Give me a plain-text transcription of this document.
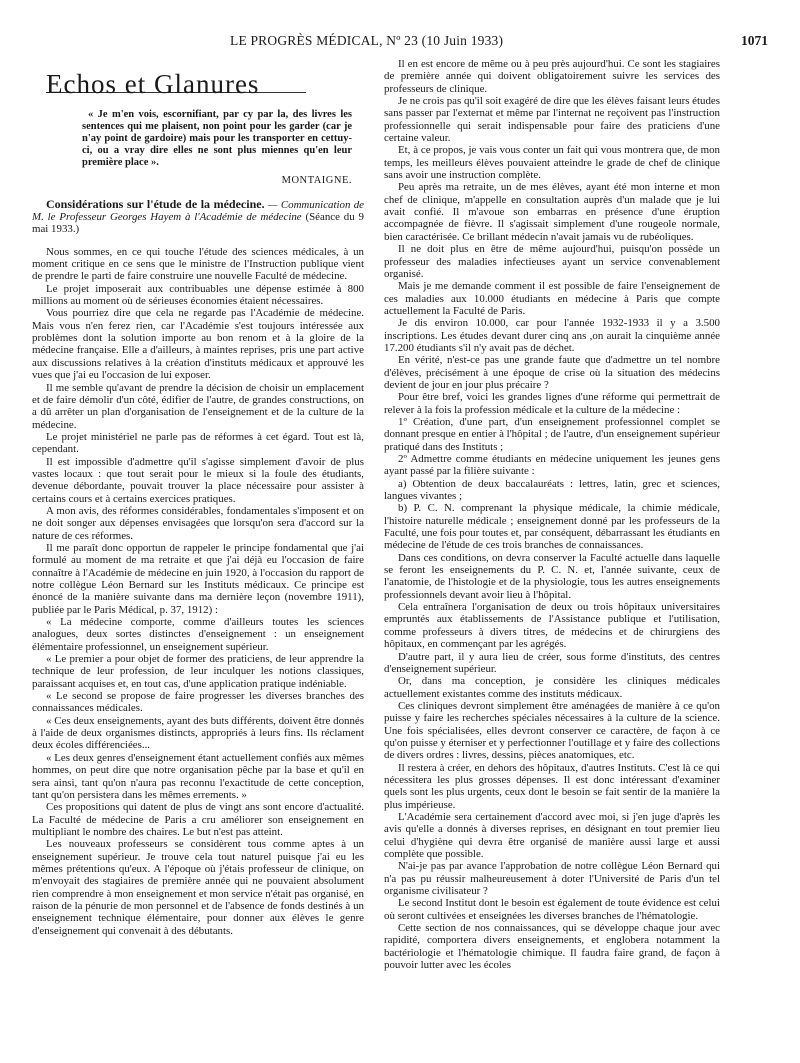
LE PROGRÈS MÉDICAL, Nº 23 (10 Juin 1933)	1071
Echos et Glanures

« Je m'en vois, escornifiant, par cy par la, des livres les sentences qui me plaisent, non point pour les garder (car je n'ay point de gardoire) mais pour les transporter en cettuy-ci, ou a vray dire elles ne sont plus miennes qu'en leur première place ».

MONTAIGNE.

Considérations sur l'étude de la médecine. — Communication de M. le Professeur Georges Hayem à l'Académie de médecine (Séance du 9 mai 1933.)

Nous sommes, en ce qui touche l'étude des sciences médicales, à un moment critique en ce sens que le ministre de l'Instruction publique vient de prendre le parti de faire construire une nouvelle Faculté de médecine.

Le projet imposerait aux contribuables une dépense estimée à 800 millions au moment où de sérieuses économies étaient nécessaires.

Vous pourriez dire que cela ne regarde pas l'Académie de médecine. Mais vous n'en ferez rien, car l'Académie s'est toujours intéressée aux problèmes dont la solution importe au bon renom et à la gloire de la médecine française. Elle a d'ailleurs, à maintes reprises, pris une part active aux discussions relatives à la création d'instituts médicaux et approuvé les vues que j'ai eu l'occasion de lui exposer.

Il me semble qu'avant de prendre la décision de choisir un emplacement et de faire démolir d'un côté, édifier de l'autre, de grandes constructions, on a dû arrêter un plan d'organisation de l'enseignement et de la culture de la médecine.

Le projet ministériel ne parle pas de réformes à cet égard. Tout est là, cependant.

Il est impossible d'admettre qu'il s'agisse simplement d'avoir de plus vastes locaux : que tout serait pour le mieux si la foule des étudiants, devenue débordante, pouvait trouver la place nécessaire pour assister à certains cours et à certains exercices pratiques.

A mon avis, des réformes considérables, fondamentales s'imposent et on ne doit songer aux dépenses envisagées que lorsqu'on sera d'accord sur la nature de ces réformes.

Il me paraît donc opportun de rappeler le principe fondamental que j'ai formulé au moment de ma retraite et que j'ai déjà eu l'occasion de faire connaître à l'Académie de médecine en juin 1920, à l'occasion du rapport de notre collègue Léon Bernard sur les Instituts médicaux. Ce principe est énoncé de la manière suivante dans ma dernière leçon (novembre 1911), publiée par le Paris Médical, p. 37, 1912) :

« La médecine comporte, comme d'ailleurs toutes les sciences analogues, deux sortes distinctes d'enseignement : un enseignement élémentaire professionnel, un enseignement supérieur.

« Le premier a pour objet de former des praticiens, de leur apprendre la technique de leur profession, de leur inculquer les notions classiques, paraissant acquises et, en tout cas, d'une application pratique indéniable.

« Le second se propose de faire progresser les diverses branches des connaissances médicales.

« Ces deux enseignements, ayant des buts différents, doivent être donnés à l'aide de deux organismes distincts, appropriés à leurs fins. Ils réclament deux écoles différenciées...

« Les deux genres d'enseignement étant actuellement confiés aux mêmes hommes, on peut dire que notre organisation pêche par la base et qu'il en sera ainsi, tant qu'on n'aura pas reconnu l'exactitude de cette conception, tant qu'on persistera dans les mêmes errements. »

Ces propositions qui datent de plus de vingt ans sont encore d'actualité. La Faculté de médecine de Paris a cru améliorer son enseignement en multipliant le nombre des chaires. Le but n'est pas atteint.

Les nouveaux professeurs se considèrent tous comme aptes à un enseignement supérieur. Je trouve cela tout naturel puisque j'ai eu les mêmes prétentions qu'eux. A l'époque où j'étais professeur de clinique, on m'envoyait des stagiaires de première année qui ne pouvaient absolument rien comprendre à mon enseignement et mon service n'était pas organisé, en raison de la pénurie de mon personnel et de l'absence de fonds destinés à un enseignement technique élémentaire, pour donner aux élèves le genre d'enseignement qui convenait à des débutants.

Il en est encore de même ou à peu près aujourd'hui. Ce sont les stagiaires de première année qui doivent obligatoirement suivre les services des professeurs de clinique.

Je ne crois pas qu'il soit exagéré de dire que les élèves faisant leurs études sans passer par l'externat et même par l'internat ne reçoivent pas l'instruction professionnelle qui serait indispensable pour faire des praticiens d'une certaine valeur.

Et, à ce propos, je vais vous conter un fait qui vous montrera que, de mon temps, les meilleurs élèves pouvaient atteindre le grade de chef de clinique sans avoir une instruction complète.

Peu après ma retraite, un de mes élèves, ayant été mon interne et mon chef de clinique, m'appelle en consultation auprès d'un malade que je lui avait confié. Il m'avoue son embarras en présence d'une éruption accompagnée de fièvre. Il s'agissait simplement d'une rougeole normale, bien caractérisée. Ce brillant médecin n'avait jamais vu de rubéoliques.

Il ne doit plus en être de même aujourd'hui, puisqu'on possède un professeur des maladies infectieuses ayant un service convenablement organisé.

Mais je me demande comment il est possible de faire l'enseignement de ces maladies aux 10.000 étudiants en médecine à Paris que compte actuellement la Faculté de Paris.

Je dis environ 10.000, car pour l'année 1932-1933 il y a 3.500 inscriptions. Les études devant durer cinq ans ,on aurait la cinquième année 17.200 étudiants s'il n'y avait pas de déchet.

En vérité, n'est-ce pas une grande faute que d'admettre un tel nombre d'élèves, précisément à une époque de crise où la situation des médecins devient de jour en jour plus précaire ?

Pour être bref, voici les grandes lignes d'une réforme qui permettrait de relever à la fois la profession médicale et la culture de la médecine :

1º Création, d'une part, d'un enseignement professionnel complet se donnant presque en entier à l'hôpital ; de l'autre, d'un enseignement supérieur pratiqué dans des Instituts ;

2º Admettre comme étudiants en médecine uniquement les jeunes gens ayant passé par la filière suivante :

a) Obtention de deux baccalauréats : lettres, latin, grec et sciences, langues vivantes ;

b) P. C. N. comprenant la physique médicale, la chimie médicale, l'histoire naturelle médicale ; enseignement donné par les professeurs de la Faculté, une fois pour toutes et, par conséquent, débarrassant les étudiants en médecine de l'étude de ces trois branches de connaissances.

Dans ces conditions, on devra conserver la Faculté actuelle dans laquelle se feront les enseignements du P. C. N. et, l'année suivante, ceux de l'anatomie, de l'histologie et de la physiologie, tous les autres enseignements professionnels devant avoir lieu à l'hôpital.

Cela entraînera l'organisation de deux ou trois hôpitaux universitaires empruntés aux établissements de l'Assistance publique et l'utilisation, comme professeurs à divers titres, de médecins et de chirurgiens des hôpitaux, en commençant par les agrégés.

D'autre part, il y aura lieu de créer, sous forme d'instituts, des centres d'enseignement supérieur.

Or, dans ma conception, je considère les cliniques médicales actuellement existantes comme des instituts médicaux.

Ces cliniques devront simplement être aménagées de manière à ce qu'on puisse y faire les recherches spéciales nécessaires à la culture de la science. Une fois spécialisées, elles devront conserver ce caractère, de façon à ce qu'on puisse y éterniser et y perfectionner l'outillage et y faire des collections de divers ordres : livres, dessins, pièces anatomiques, etc.

Il restera à créer, en dehors des hôpitaux, d'autres Instituts. C'est là ce qui nécessitera les plus grosses dépenses. Il est donc intéressant d'examiner quels sont les plus urgents, ceux dont le besoin se fait sentir de la manière la plus impérieuse.

L'Académie sera certainement d'accord avec moi, si j'en juge d'après les avis qu'elle a donnés à diverses reprises, en désignant en tout premier lieu celui d'hygiène qui devra être organisé de manière aussi large et aussi complète que possible.

N'ai-je pas par avance l'approbation de notre collègue Léon Bernard qui n'a pas pu réussir malheureusement à doter l'Université de Paris d'un tel organisme civilisateur ?

Le second Institut dont le besoin est également de toute évidence est celui où seront cultivées et enseignées les diverses branches de l'hématologie.

Cette section de nos connaissances, qui se développe chaque jour avec rapidité, comportera divers enseignements, et englobera notamment la bactériologie et l'hématologie chimique. Il faudra faire grand, de façon à pouvoir lutter avec les écoles
